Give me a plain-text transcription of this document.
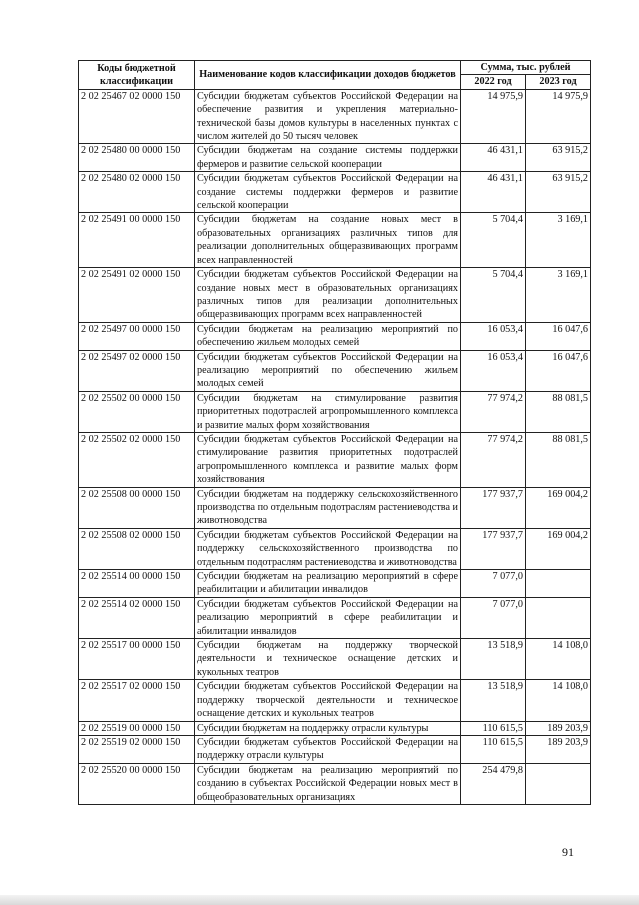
Коды бюджетной классификации	Наименование кодов классификации доходов бюджетов	Сумма, тыс. рублей	
		2022 год	2023 год
2 02 25467 02 0000 150	Субсидии бюджетам субъектов Российской Федерации на обеспечение развития и укрепления материально-технической базы домов культуры в населенных пунктах с числом жителей до 50 тысяч человек	14 975,9	14 975,9
2 02 25480 00 0000 150	Субсидии бюджетам на создание системы поддержки фермеров и развитие сельской кооперации	46 431,1	63 915,2
2 02 25480 02 0000 150	Субсидии бюджетам субъектов Российской Федерации на создание системы поддержки фермеров и развитие сельской кооперации	46 431,1	63 915,2
2 02 25491 00 0000 150	Субсидии бюджетам на создание новых мест в образовательных организациях различных типов для реализации дополнительных общеразвивающих программ всех направленностей	5 704,4	3 169,1
2 02 25491 02 0000 150	Субсидии бюджетам субъектов Российской Федерации на создание новых мест в образовательных организациях различных типов для реализации дополнительных общеразвивающих программ всех направленностей	5 704,4	3 169,1
2 02 25497 00 0000 150	Субсидии бюджетам на реализацию мероприятий по обеспечению жильем молодых семей	16 053,4	16 047,6
2 02 25497 02 0000 150	Субсидии бюджетам субъектов Российской Федерации на реализацию мероприятий по обеспечению жильем молодых семей	16 053,4	16 047,6
2 02 25502 00 0000 150	Субсидии бюджетам на стимулирование развития приоритетных подотраслей агропромышленного комплекса и развитие малых форм хозяйствования	77 974,2	88 081,5
2 02 25502 02 0000 150	Субсидии бюджетам субъектов Российской Федерации на стимулирование развития приоритетных подотраслей агропромышленного комплекса и развитие малых форм хозяйствования	77 974,2	88 081,5
2 02 25508 00 0000 150	Субсидии бюджетам на поддержку сельскохозяйственного производства по отдельным подотраслям растениеводства и животноводства	177 937,7	169 004,2
2 02 25508 02 0000 150	Субсидии бюджетам субъектов Российской Федерации на поддержку сельскохозяйственного производства по отдельным подотраслям растениеводства и животноводства	177 937,7	169 004,2
2 02 25514 00 0000 150	Субсидии бюджетам на реализацию мероприятий в сфере реабилитации и абилитации инвалидов	7 077,0	
2 02 25514 02 0000 150	Субсидии бюджетам субъектов Российской Федерации на реализацию мероприятий в сфере реабилитации и абилитации инвалидов	7 077,0	
2 02 25517 00 0000 150	Субсидии бюджетам на поддержку творческой деятельности и техническое оснащение детских и кукольных театров	13 518,9	14 108,0
2 02 25517 02 0000 150	Субсидии бюджетам субъектов Российской Федерации на поддержку творческой деятельности и техническое оснащение детских и кукольных театров	13 518,9	14 108,0
2 02 25519 00 0000 150	Субсидии бюджетам на поддержку отрасли культуры	110 615,5	189 203,9
2 02 25519 02 0000 150	Субсидии бюджетам субъектов Российской Федерации на поддержку отрасли культуры	110 615,5	189 203,9
2 02 25520 00 0000 150	Субсидии бюджетам на реализацию мероприятий по созданию в субъектах Российской Федерации новых мест в общеобразовательных организациях	254 479,8	
91
